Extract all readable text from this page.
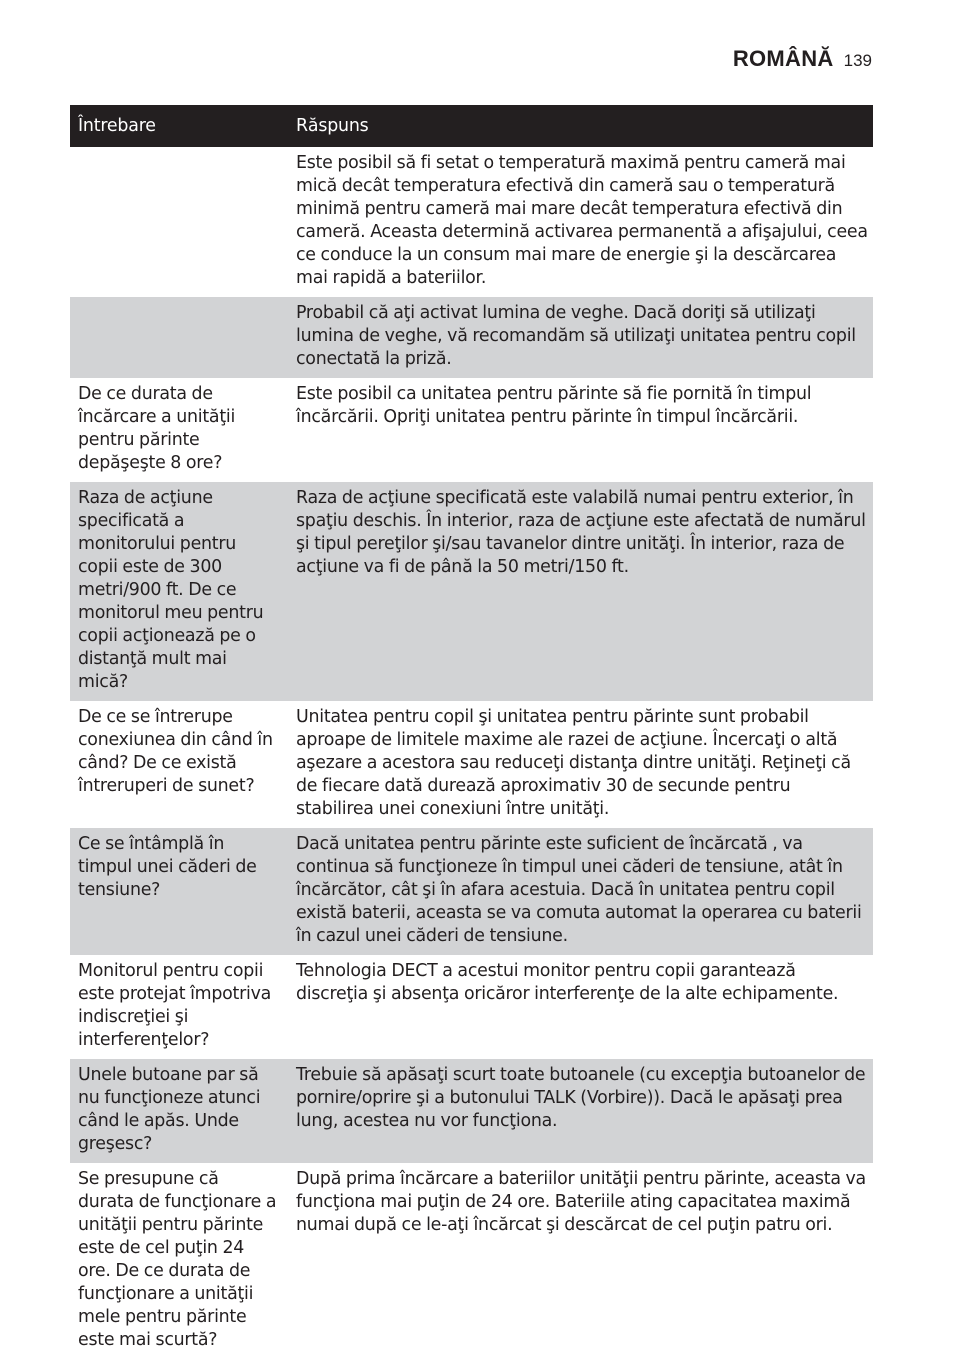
ROMÂNĂ 139
Întrebare	Răspuns
	Este posibil să fi setat o temperatură maximă pentru cameră mai mică decât temperatura efectivă din cameră sau o temperatură minimă pentru cameră mai mare decât temperatura efectivă din cameră. Aceasta determină activarea permanentă a afişajului, ceea ce conduce la un consum mai mare de energie şi la descărcarea mai rapidă a bateriilor.
	Probabil că aţi activat lumina de veghe. Dacă doriţi să utilizaţi lumina de veghe, vă recomandăm să utilizaţi unitatea pentru copil conectată la priză.
De ce durata de încărcare a unităţii pentru părinte depăşeşte 8 ore?	Este posibil ca unitatea pentru părinte să fie pornită în timpul încărcării. Opriţi unitatea pentru părinte în timpul încărcării.
Raza de acţiune specificată a monitorului pentru copii este de 300 metri/900 ft. De ce monitorul meu pentru copii acţionează pe o distanţă mult mai mică?	Raza de acţiune specificată este valabilă numai pentru exterior, în spaţiu deschis. În interior, raza de acţiune este afectată de numărul şi tipul pereţilor şi/sau tavanelor dintre unităţi. În interior, raza de acţiune va fi de până la 50 metri/150 ft.
De ce se întrerupe conexiunea din când în când? De ce există întreruperi de sunet?	Unitatea pentru copil şi unitatea pentru părinte sunt probabil aproape de limitele maxime ale razei de acţiune. Încercaţi o altă aşezare a acestora sau reduceţi distanţa dintre unităţi. Reţineţi că de fiecare dată durează aproximativ 30 de secunde pentru stabilirea unei conexiuni între unităţi.
Ce se întâmplă în timpul unei căderi de tensiune?	Dacă unitatea pentru părinte este suficient de încărcată , va continua să funcţioneze în timpul unei căderi de tensiune, atât în încărcător, cât şi în afara acestuia. Dacă în unitatea pentru copil există baterii, aceasta se va comuta automat la operarea cu baterii în cazul unei căderi de tensiune.
Monitorul pentru copii este protejat împotriva indiscreţiei şi interferenţelor?	Tehnologia DECT a acestui monitor pentru copii garantează discreţia şi absenţa oricăror interferenţe de la alte echipamente.
Unele butoane par să nu funcţioneze atunci când le apăs. Unde greşesc?	Trebuie să apăsaţi scurt toate butoanele (cu excepţia butoanelor de pornire/oprire şi a butonului TALK (Vorbire)). Dacă le apăsaţi prea lung, acestea nu vor funcţiona.
Se presupune că durata de funcţionare a unităţii pentru părinte este de cel puţin 24 ore. De ce durata de funcţionare a unităţii mele pentru părinte este mai scurtă?	După prima încărcare a bateriilor unităţii pentru părinte, aceasta va funcţiona mai puţin de 24 ore. Bateriile ating capacitatea maximă numai după ce le-aţi încărcat şi descărcat de cel puţin patru ori.
